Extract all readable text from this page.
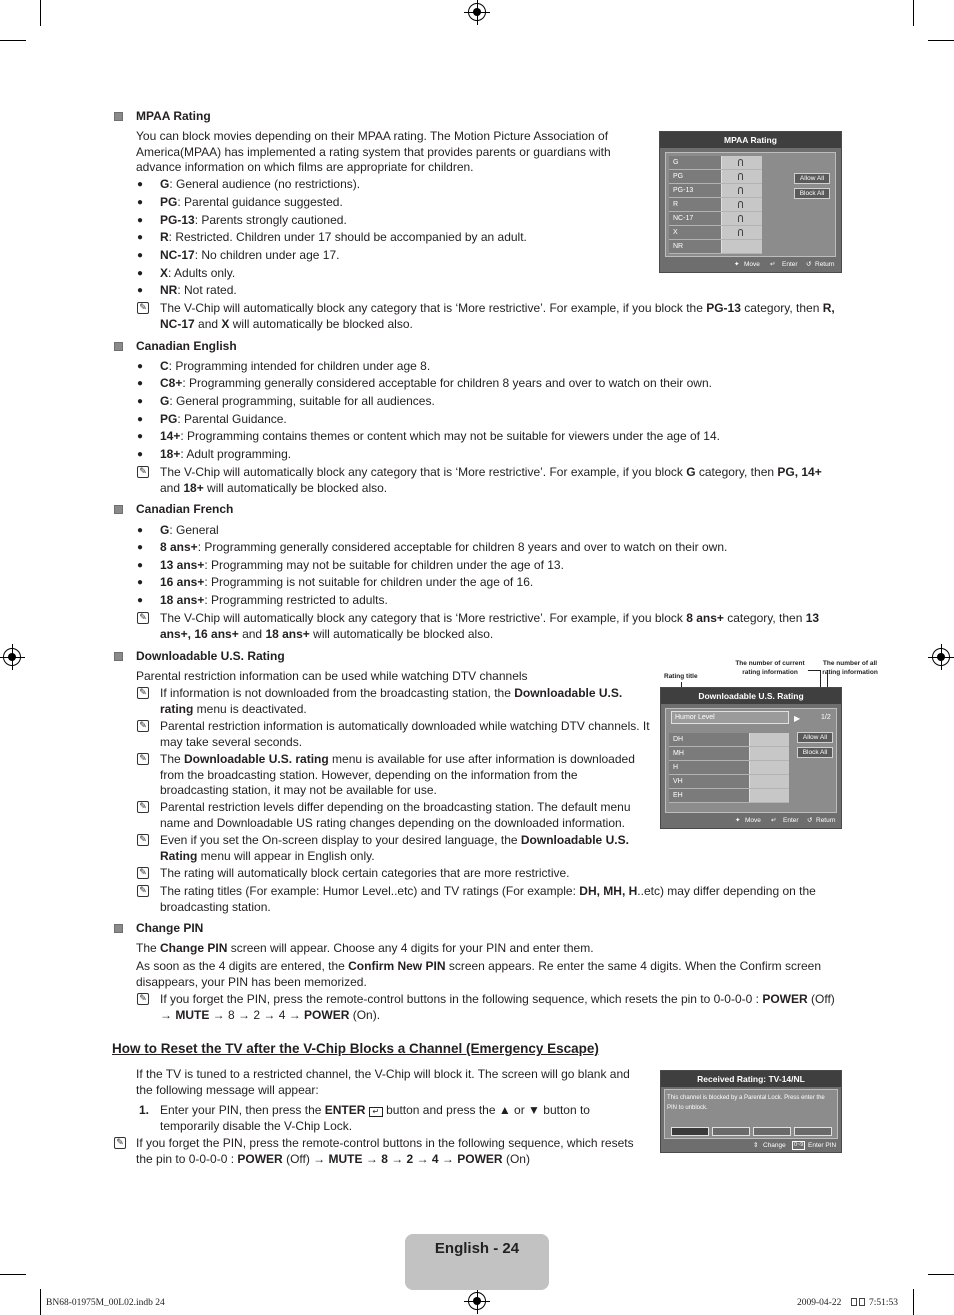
MPAA Rating
You can block movies depending on their MPAA rating. The Motion Picture Association of America(MPAA) has implemented a rating system that provides parents or guardians with advance information on which films are appropriate for children.
● G: General audience (no restrictions).
● PG: Parental guidance suggested.
● PG-13: Parents strongly cautioned.
● R: Restricted. Children under 17 should be accompanied by an adult.
● NC-17: No children under age 17.
● X: Adults only.
● NR: Not rated.
✎ The V-Chip will automatically block any category that is ‘More restrictive’. For example, if you block the PG-13 category, then R, NC-17 and X will automatically be blocked also.
MPAA Rating
G
PG
PG-13
R
NC-17
X
NR
Allow All
Block All
✦ Move ↵ Enter ↺ Return
Canadian English
● C: Programming intended for children under age 8.
● C8+: Programming generally considered acceptable for children 8 years and over to watch on their own.
● G: General programming, suitable for all audiences.
● PG: Parental Guidance.
● 14+: Programming contains themes or content which may not be suitable for viewers under the age of 14.
● 18+: Adult programming.
✎ The V-Chip will automatically block any category that is ‘More restrictive’. For example, if you block G category, then PG, 14+
and 18+ will automatically be blocked also.
Canadian French
● G: General
● 8 ans+: Programming generally considered acceptable for children 8 years and over to watch on their own.
● 13 ans+: Programming may not be suitable for children under the age of 13.
● 16 ans+: Programming is not suitable for children under the age of 16.
● 18 ans+: Programming restricted to adults.
✎ The V-Chip will automatically block any category that is ‘More restrictive’. For example, if you block 8 ans+ category, then 13 ans+, 16 ans+ and 18 ans+ will automatically be blocked also.
Downloadable U.S. Rating
Parental restriction information can be used while watching DTV channels
✎ If information is not downloaded from the broadcasting station, the Downloadable U.S. rating menu is deactivated.
✎ Parental restriction information is automatically downloaded while watching DTV channels. It may take several seconds.
✎ The Downloadable U.S. rating menu is available for use after information is downloaded from the broadcasting station. However, depending on the information from the broadcasting station, it may not be available for use.
✎ Parental restriction levels differ depending on the broadcasting station. The default menu name and Downloadable US rating changes depending on the downloaded information.
✎ Even if you set the On-screen display to your desired language, the Downloadable U.S. Rating menu will appear in English only.
✎ The rating will automatically block certain categories that are more restrictive.
✎ The rating titles (For example: Humor Level..etc) and TV ratings (For example: DH, MH, H..etc) may differ depending on the broadcasting station.
Rating title
The number of current rating information
The number of all rating information
Downloadable U.S. Rating
Humor Level	▶	1/2
DH
MH
H
VH
EH
Allow All
Block All
✦ Move ↵ Enter ↺ Return
Change PIN
The Change PIN screen will appear. Choose any 4 digits for your PIN and enter them.
As soon as the 4 digits are entered, the Confirm New PIN screen appears. Re enter the same 4 digits. When the Confirm screen disappears, your PIN has been memorized.
✎ If you forget the PIN, press the remote-control buttons in the following sequence, which resets the pin to 0-0-0-0 : POWER (Off) → MUTE → 8 → 2 → 4 → POWER (On).
How to Reset the TV after the V-Chip Blocks a Channel (Emergency Escape)
If the TV is tuned to a restricted channel, the V-Chip will block it. The screen will go blank and the following message will appear:
1. Enter your PIN, then press the ENTER ↵ button and press the ▲ or ▼ button to temporarily disable the V-Chip Lock.
✎ If you forget the PIN, press the remote-control buttons in the following sequence, which resets the pin to 0-0-0-0 : POWER (Off) → MUTE → 8 → 2 → 4 → POWER (On)
Received Rating: TV-14/NL
This channel is blocked by a Parental Lock. Press enter the PIN to unblock.
⇕ Change	0~9 Enter PIN
English - 24
BN68-01975M_00L02.indb 24	2009-04-22	7:51:53
